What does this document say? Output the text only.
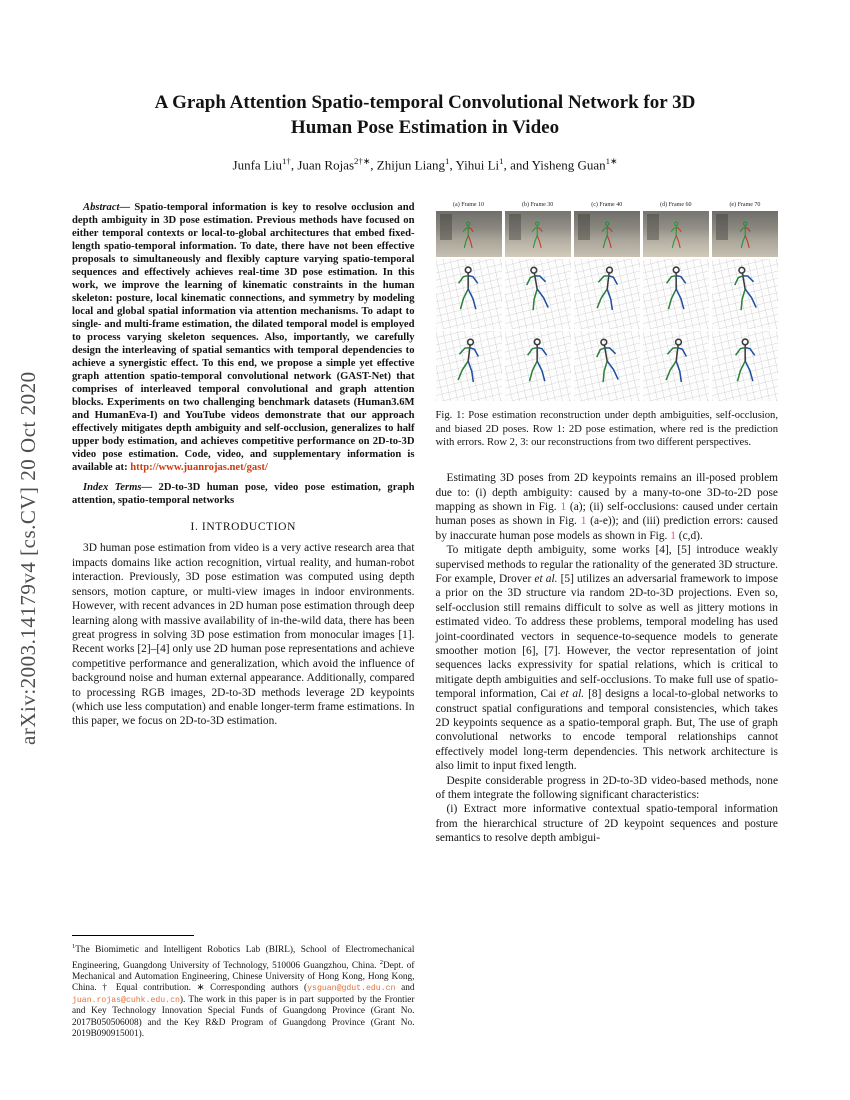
arXiv:2003.14179v4 [cs.CV] 20 Oct 2020
A Graph Attention Spatio-temporal Convolutional Network for 3D Human Pose Estimation in Video
Junfa Liu$^{1\dagger}$, Juan Rojas$^{2\dagger∗}$, Zhijun Liang$^1$, Yihui Li$^1$, and Yisheng Guan$^{1∗}$

Abstract— Spatio-temporal information is key to resolve occlusion and depth ambiguity in 3D pose estimation. Previous methods have focused on either temporal contexts or local-to-global architectures that embed fixed-length spatio-temporal information. To date, there have not been effective proposals to simultaneously and flexibly capture varying spatio-temporal sequences and effectively achieves real-time 3D pose estimation. In this work, we improve the learning of kinematic constraints in the human skeleton: posture, local kinematic connections, and symmetry by modeling local and global spatial information via attention mechanisms. To adapt to single- and multi-frame estimation, the dilated temporal model is employed to process varying skeleton sequences. Also, importantly, we carefully design the interleaving of spatial semantics with temporal dependencies to achieve a synergistic effect. To this end, we propose a simple yet effective graph attention spatio-temporal convolutional network (GAST-Net) that comprises of interleaved temporal convolutional and graph attention blocks. Experiments on two challenging benchmark datasets (Human3.6M and HumanEva-I) and YouTube videos demonstrate that our approach effectively mitigates depth ambiguity and self-occlusion, generalizes to half upper body estimation, and achieves competitive performance on 2D-to-3D video pose estimation. Code, video, and supplementary information is available at: http://www.juanrojas.net/gast/

Index Terms— 2D-to-3D human pose, video pose estimation, graph attention, spatio-temporal networks

I. INTRODUCTION

3D human pose estimation from video is a very active research area that impacts domains like action recognition, virtual reality, and human-robot interaction. Previously, 3D pose estimation was computed using depth sensors, motion capture, or multi-view images in indoor environments. However, with recent advances in 2D human pose estimation through deep learning along with massive availability of in-the-wild data, there has been great progress in solving 3D pose estimation from monocular images [1]. Recent works [2]–[4] only use 2D human pose representations and achieve competitive performance and generalization, which avoid the influence of background noise and human external appearance. Additionally, compared to processing RGB images, 2D-to-3D methods leverage 2D keypoints (which use less computation) and enable longer-term frame estimations. In this paper, we focus on 2D-to-3D estimation.

$^1$The Biomimetic and Intelligent Robotics Lab (BIRL), School of Electromechanical Engineering, Guangdong University of Technology, 510006 Guangzhou, China. $^2$Dept. of Mechanical and Automation Engineering, Chinese University of Hong Kong, Hong Kong, China. † Equal contribution. ∗ Corresponding authors (ysguan@gdut.edu.cn and juan.rojas@cuhk.edu.cn). The work in this paper is in part supported by the Frontier and Key Technology Innovation Special Funds of Guangdong Province (Grant No. 2017B050506008) and the Key R&D Program of Guangdong Province (Grant No. 2019B090915001).

(a) Frame 10	(b) Frame 30	(c) Frame 40	(d) Frame 60	(e) Frame 70
Fig. 1: Pose estimation reconstruction under depth ambiguities, self-occlusion, and biased 2D poses. Row 1: 2D pose estimation, where red is the prediction with errors. Row 2, 3: our reconstructions from two different perspectives.

Estimating 3D poses from 2D keypoints remains an ill-posed problem due to: (i) depth ambiguity: caused by a many-to-one 3D-to-2D pose mapping as shown in Fig. 1 (a); (ii) self-occlusions: caused under certain human poses as shown in Fig. 1 (a-e)); and (iii) prediction errors: caused by inaccurate human pose models as shown in Fig. 1 (c,d).

To mitigate depth ambiguity, some works [4], [5] introduce weakly supervised methods to regular the rationality of the generated 3D structure. For example, Drover et al. [5] utilizes an adversarial framework to impose a prior on the 3D structure via random 2D-to-3D projections. Even so, self-occlusion still remains difficult to solve as well as jittery motions in estimated video. To address these problems, temporal modeling has used joint-coordinated vectors in sequence-to-sequence models to generate smoother motion [6], [7]. However, the vector representation of joint sequences lacks expressivity for spatial relations, which is critical to mitigate depth ambiguities and self-occlusions. To make full use of spatio-temporal information, Cai et al. [8] designs a local-to-global networks to construct spatial configurations and temporal consistencies, which takes 2D keypoints sequence as a spatio-temporal graph. But, The use of graph convolutional networks to encode temporal relationships cannot effectively model long-term dependencies. This network architecture is also limit to input fixed length.

Despite considerable progress in 2D-to-3D video-based methods, none of them integrate the following significant characteristics:

(i) Extract more informative contextual spatio-temporal information from the hierarchical structure of 2D keypoint sequences and posture semantics to resolve depth ambigui-
